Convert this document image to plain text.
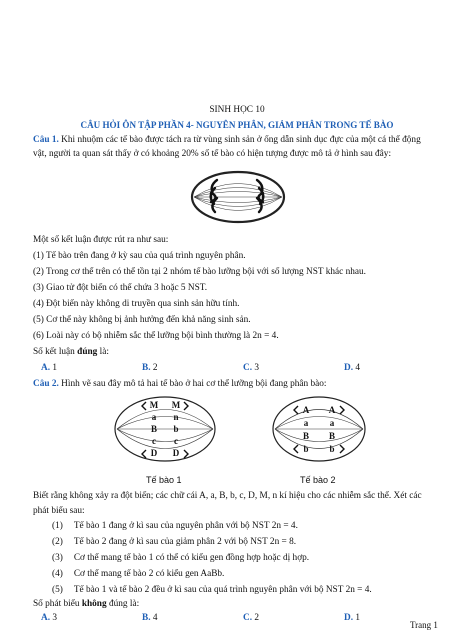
SINH HỌC 10
CÂU HỎI ÔN TẬP PHẦN 4- NGUYÊN PHÂN, GIẢM PHÂN TRONG TẾ BÀO
Câu 1. Khi nhuộm các tế bào được tách ra từ vùng sinh sản ở ống dẫn sinh dục đực của một cá thể động
vật, người ta quan sát thấy ở có khoảng 20% số tế bào có hiện tượng được mô tả ở hình sau đây:
Một số kết luận được rút ra như sau:
(1) Tế bào trên đang ở kỳ sau của quá trình nguyên phân.
(2) Trong cơ thể trên có thể tồn tại 2 nhóm tế bào lưỡng bội với số lượng NST khác nhau.
(3) Giao tử đột biến có thể chứa 3 hoặc 5 NST.
(4) Đột biến này không di truyền qua sinh sản hữu tính.
(5) Cơ thể này không bị ảnh hưởng đến khả năng sinh sản.
(6) Loài này có bộ nhiễm sắc thể lưỡng bội bình thường là 2n = 4.
Số kết luận đúng là:
A. 1	B. 2	C. 3	D. 4
Câu 2. Hình vẽ sau đây mô tả hai tế bào ở hai cơ thể lưỡng bội đang phân bào:
M M
a n
B b
c c
D D
A A
a a
B B
b b
Tế bào 1	Tế bào 2
Biết rằng không xảy ra đột biến; các chữ cái A, a, B, b, c, D, M, n kí hiệu cho các nhiễm sắc thể. Xét các
phát biểu sau:
(1) Tế bào 1 đang ở kì sau của nguyên phân với bộ NST 2n = 4.
(2) Tế bào 2 đang ở kì sau của giảm phân 2 với bộ NST 2n = 8.
(3) Cơ thể mang tế bào 1 có thể có kiểu gen đồng hợp hoặc dị hợp.
(4) Cơ thể mang tế bào 2 có kiểu gen AaBb.
(5) Tế bào 1 và tế bào 2 đều ở kì sau của quá trình nguyên phân với bộ NST 2n = 4.
Số phát biểu không đúng là:
A. 3	B. 4	C. 2	D. 1
Trang 1
